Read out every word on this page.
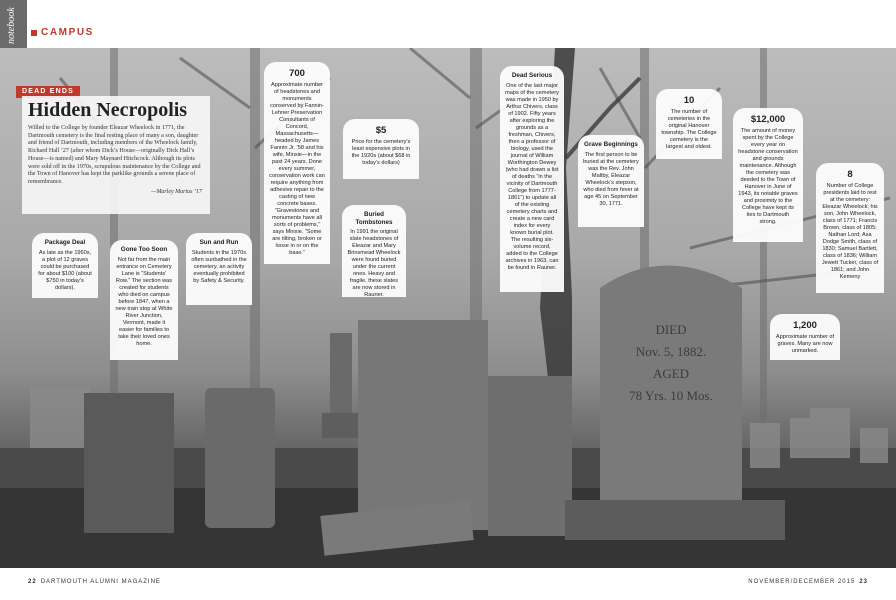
notebook CAMPUS
DIED
Nov. 5, 1882.
AGED
78 Yrs. 10 Mos.
DEAD ENDS
Hidden Necropolis

Willed to the College by founder Eleazar Wheelock in 1771, the Dartmouth cemetery is the final resting place of many a son, daughter and friend of Dartmouth, including members of the Wheelock family, Richard Hall ’27 (after whom Dick’s House—originally Dick Hall’s House—is named) and Mary Maynard Hitchcock. Although its plots were sold off in the 1970s, scrupulous maintenance by the College and the Town of Hanover has kept the parklike grounds a serene place of remembrance.

—Marley Marius ’17
Package Deal
As late as the 1960s, a plot of 12 graves could be purchased for about $100 (about $750 in today’s dollars).
Gone Too Soon
Not far from the main entrance on Cemetery Lane is “Students’ Row.” The section was created for students who died on campus before 1847, when a new train stop at White River Junction, Vermont, made it easier for families to take their loved ones home.
Sun and Run
Students in the 1970s often sunbathed in the cemetery, an activity eventually prohibited by Safety & Security.
700
Approximate number of headstones and monuments conserved by Fannin-Lehner Preservation Consultants of Concord, Massachusetts—headed by James Fannin Jr. ’58 and his wife, Minxie—in the past 24 years. Done every summer, conservation work can require anything from adhesive repair to the casting of new concrete bases. “Gravestones and monuments have all sorts of problems,” says Minxie. “Some are tilting, broken or loose in or on the base.”
$5
Price for the cemetery’s least expensive plots in the 1920s (about $68 in today’s dollars)
Buried Tombstones
In 1991 the original slate headstones of Eleazar and Mary Brinsmead Wheelock were found buried under the current ones. Heavy and fragile, these slates are now stored in Rauner.
Dead Serious
One of the last major maps of the cemetery was made in 1950 by Arthur Chivers, class of 1902. Fifty years after exploring the grounds as a freshman, Chivers, then a professor of biology, used the journal of William Worthington Dewey (who had drawn a list of deaths “in the vicinity of Dartmouth College from 1777-1861”) to update all of the existing cemetery charts and create a new card index for every known burial plot. The resulting six-volume record, added to the College archives in 1963, can be found in Rauner.
Grave Beginnings
The first person to be buried at the cemetery was the Rev. John Maltby, Eleazar Wheelock’s stepson, who died from fever at age 45 on September 30, 1771.
10
The number of cemeteries in the original Hanover township. The College cemetery is the largest and oldest.
$12,000
The amount of money spent by the College every year on headstone conservation and grounds maintenance. Although the cemetery was deeded to the Town of Hanover in June of 1943, its notable graves and proximity to the College have kept its ties to Dartmouth strong.
8
Number of College presidents laid to rest at the cemetery: Eleazar Wheelock; his son, John Wheelock, class of 1771; Francis Brown, class of 1805; Nathan Lord; Asa Dodge Smith, class of 1830; Samuel Bartlett, class of 1836; William Jewett Tucker, class of 1861; and John Kemeny
1,200
Approximate number of graves. Many are now unmarked.
22 DARTMOUTH ALUMNI MAGAZINE	NOVEMBER/DECEMBER 2015 23
